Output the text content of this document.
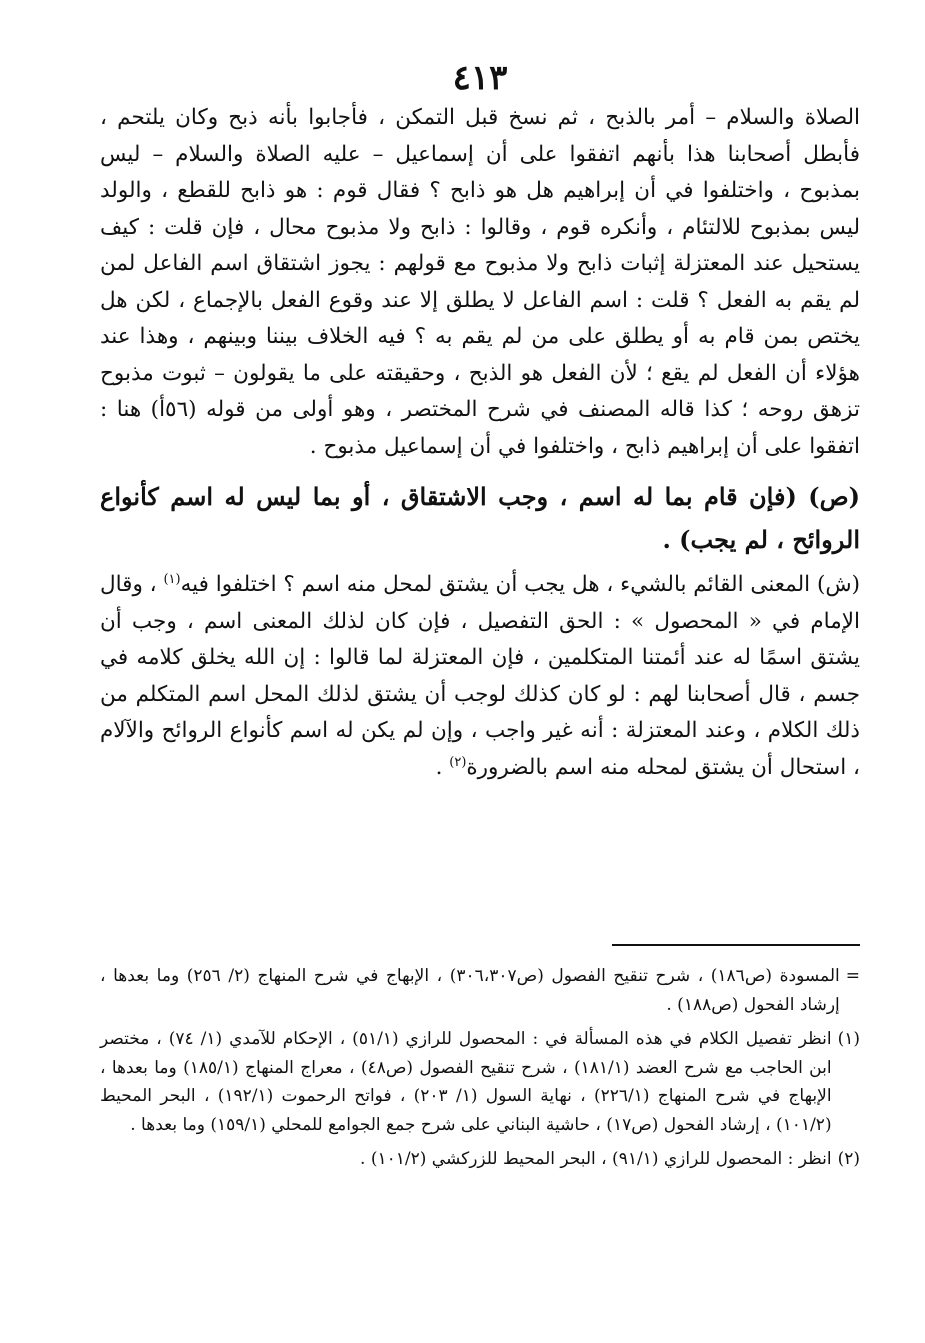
٤١٣

الصلاة والسلام – أمر بالذبح ، ثم نسخ قبل التمكن ، فأجابوا بأنه ذبح وكان يلتحم ، فأبطل أصحابنا هذا بأنهم اتفقوا على أن إسماعيل – عليه الصلاة والسلام – ليس بمذبوح ، واختلفوا في أن إبراهيم هل هو ذابح ؟ فقال قوم : هو ذابح للقطع ، والولد ليس بمذبوح للالتئام ، وأنكره قوم ، وقالوا : ذابح ولا مذبوح محال ، فإن قلت : كيف يستحيل عند المعتزلة إثبات ذابح ولا مذبوح مع قولهم : يجوز اشتقاق اسم الفاعل لمن لم يقم به الفعل ؟ قلت : اسم الفاعل لا يطلق إلا عند وقوع الفعل بالإجماع ، لكن هل يختص بمن قام به أو يطلق على من لم يقم به ؟ فيه الخلاف بيننا وبينهم ، وهذا عند هؤلاء أن الفعل لم يقع ؛ لأن الفعل هو الذبح ، وحقيقته على ما يقولون – ثبوت مذبوح تزهق روحه ؛ كذا قاله المصنف في شرح المختصر ، وهو أولى من قوله (٥٦أ) هنا : اتفقوا على أن إبراهيم ذابح ، واختلفوا في أن إسماعيل مذبوح .

(ص) (فإن قام بما له اسم ، وجب الاشتقاق ، أو بما ليس له اسم كأنواع الروائح ، لم يجب) .

(ش) المعنى القائم بالشيء ، هل يجب أن يشتق لمحل منه اسم ؟ اختلفوا فيه$^{(١)}$ ، وقال الإمام في « المحصول » : الحق التفصيل ، فإن كان لذلك المعنى اسم ، وجب أن يشتق اسمًا له عند أئمتنا المتكلمين ، فإن المعتزلة لما قالوا : إن الله يخلق كلامه في جسم ، قال أصحابنا لهم : لو كان كذلك لوجب أن يشتق لذلك المحل اسم المتكلم من ذلك الكلام ، وعند المعتزلة : أنه غير واجب ، وإن لم يكن له اسم كأنواع الروائح والآلام ، استحال أن يشتق لمحله منه اسم بالضرورة$^{(٢)}$ .

=
المسودة (ص١٨٦) ، شرح تنقيح الفصول (ص٣٠٦،٣٠٧) ، الإبهاج في شرح المنهاج (٢/ ٢٥٦) وما بعدها ، إرشاد الفحول (ص١٨٨) .
(١)
انظر تفصيل الكلام في هذه المسألة في : المحصول للرازي (٥١/١) ، الإحكام للآمدي (١/ ٧٤) ، مختصر ابن الحاجب مع شرح العضد (١٨١/١) ، شرح تنقيح الفصول (ص٤٨) ، معراج المنهاج (١٨٥/١) وما بعدها ، الإبهاج في شرح المنهاج (٢٢٦/١) ، نهاية السول (١/ ٢٠٣) ، فواتح الرحموت (١٩٢/١) ، البحر المحيط (١٠١/٢) ، إرشاد الفحول (ص١٧) ، حاشية البناني على شرح جمع الجوامع للمحلي (١٥٩/١) وما بعدها .
(٢)
انظر : المحصول للرازي (٩١/١) ، البحر المحيط للزركشي (١٠١/٢) .
